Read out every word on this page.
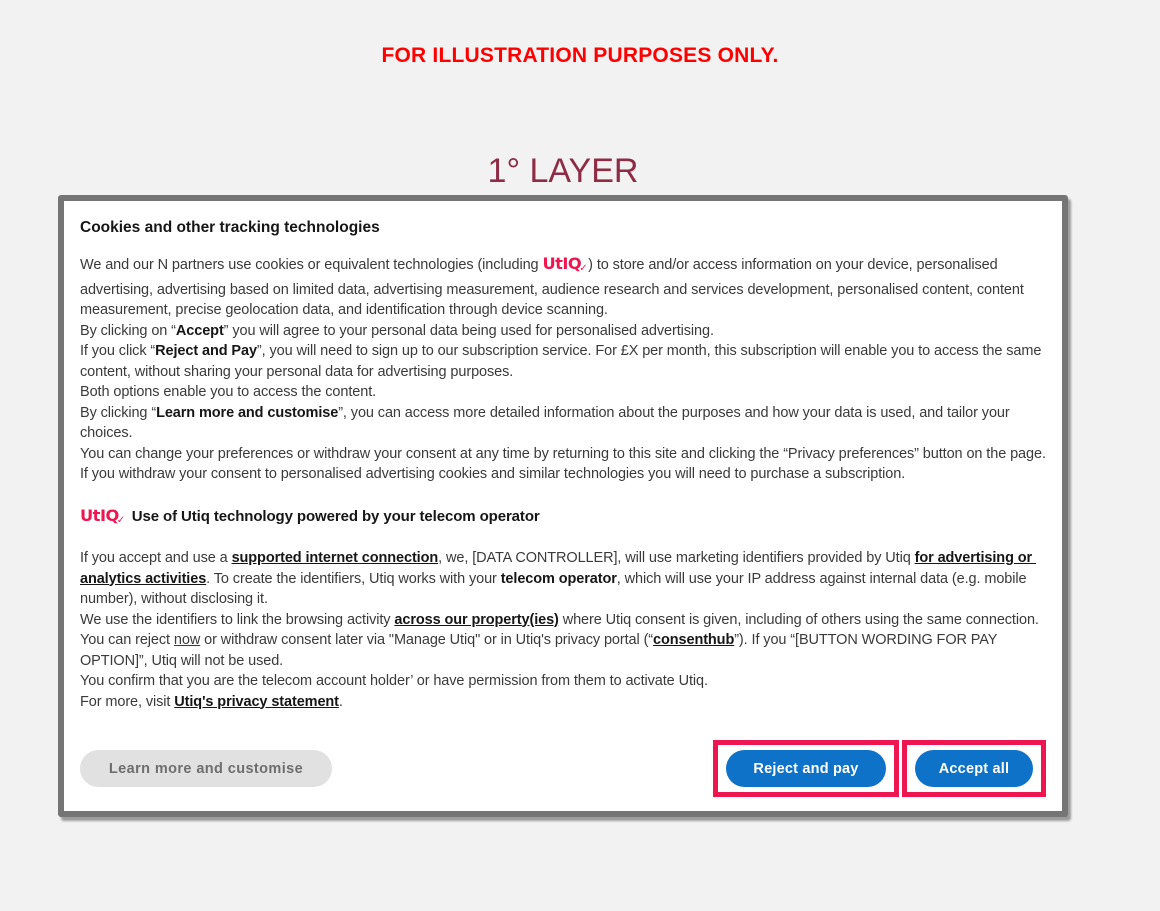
FOR ILLUSTRATION PURPOSES ONLY.
1° LAYER
Cookies and other tracking technologies

We and our N partners use cookies or equivalent technologies (including UtIQ ✓ ) to store and/or access information on your device, personalised advertising, advertising based on limited data, advertising measurement, audience research and services development, personalised content, content measurement, precise geolocation data, and identification through device scanning.

By clicking on “Accept” you will agree to your personal data being used for personalised advertising.

If you click “Reject and Pay”, you will need to sign up to our subscription service. For £X per month, this subscription will enable you to access the same content, without sharing your personal data for advertising purposes.

Both options enable you to access the content.

By clicking “Learn more and customise”, you can access more detailed information about the purposes and how your data is used, and tailor your choices.

You can change your preferences or withdraw your consent at any time by returning to this site and clicking the “Privacy preferences” button on the page.

If you withdraw your consent to personalised advertising cookies and similar technologies you will need to purchase a subscription.

UtIQ ✓ Use of Utiq technology powered by your telecom operator

If you accept and use a supported internet connection, we, [DATA CONTROLLER], will use marketing identifiers provided by Utiq for advertising or analytics activities. To create the identifiers, Utiq works with your telecom operator, which will use your IP address against internal data (e.g. mobile number), without disclosing it.

We use the identifiers to link the browsing activity across our property(ies) where Utiq consent is given, including of others using the same connection.

You can reject now or withdraw consent later via "Manage Utiq" or in Utiq's privacy portal (“consenthub”). If you “[BUTTON WORDING FOR PAY OPTION]”, Utiq will not be used.

You confirm that you are the telecom account holder’ or have permission from them to activate Utiq.

For more, visit Utiq's privacy statement.

Learn more and customise	Reject and pay	Accept all
